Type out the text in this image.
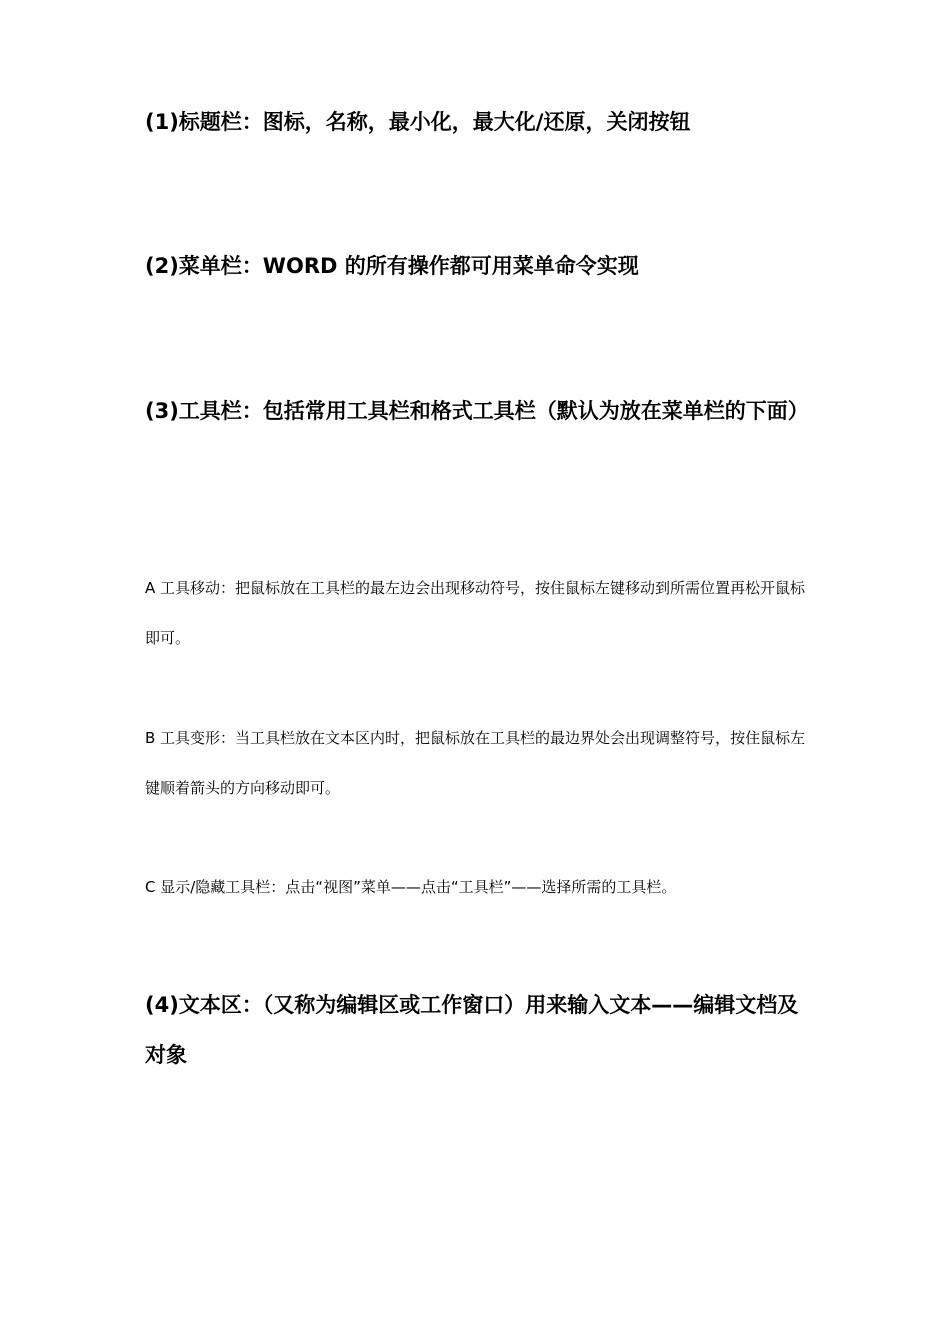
(1)标题栏：图标，名称，最小化，最大化/还原，关闭按钮

(2)菜单栏：WORD 的所有操作都可用菜单命令实现

(3)工具栏：包括常用工具栏和格式工具栏（默认为放在菜单栏的下面）

A 工具移动：把鼠标放在工具栏的最左边会出现移动符号，按住鼠标左键移动到所需位置再松开鼠标即可。

B 工具变形：当工具栏放在文本区内时，把鼠标放在工具栏的最边界处会出现调整符号，按住鼠标左键顺着箭头的方向移动即可。

C 显示/隐藏工具栏：点击“视图”菜单——点击“工具栏”——选择所需的工具栏。

(4)文本区：（又称为编辑区或工作窗口）用来输入文本——编辑文档及对象
